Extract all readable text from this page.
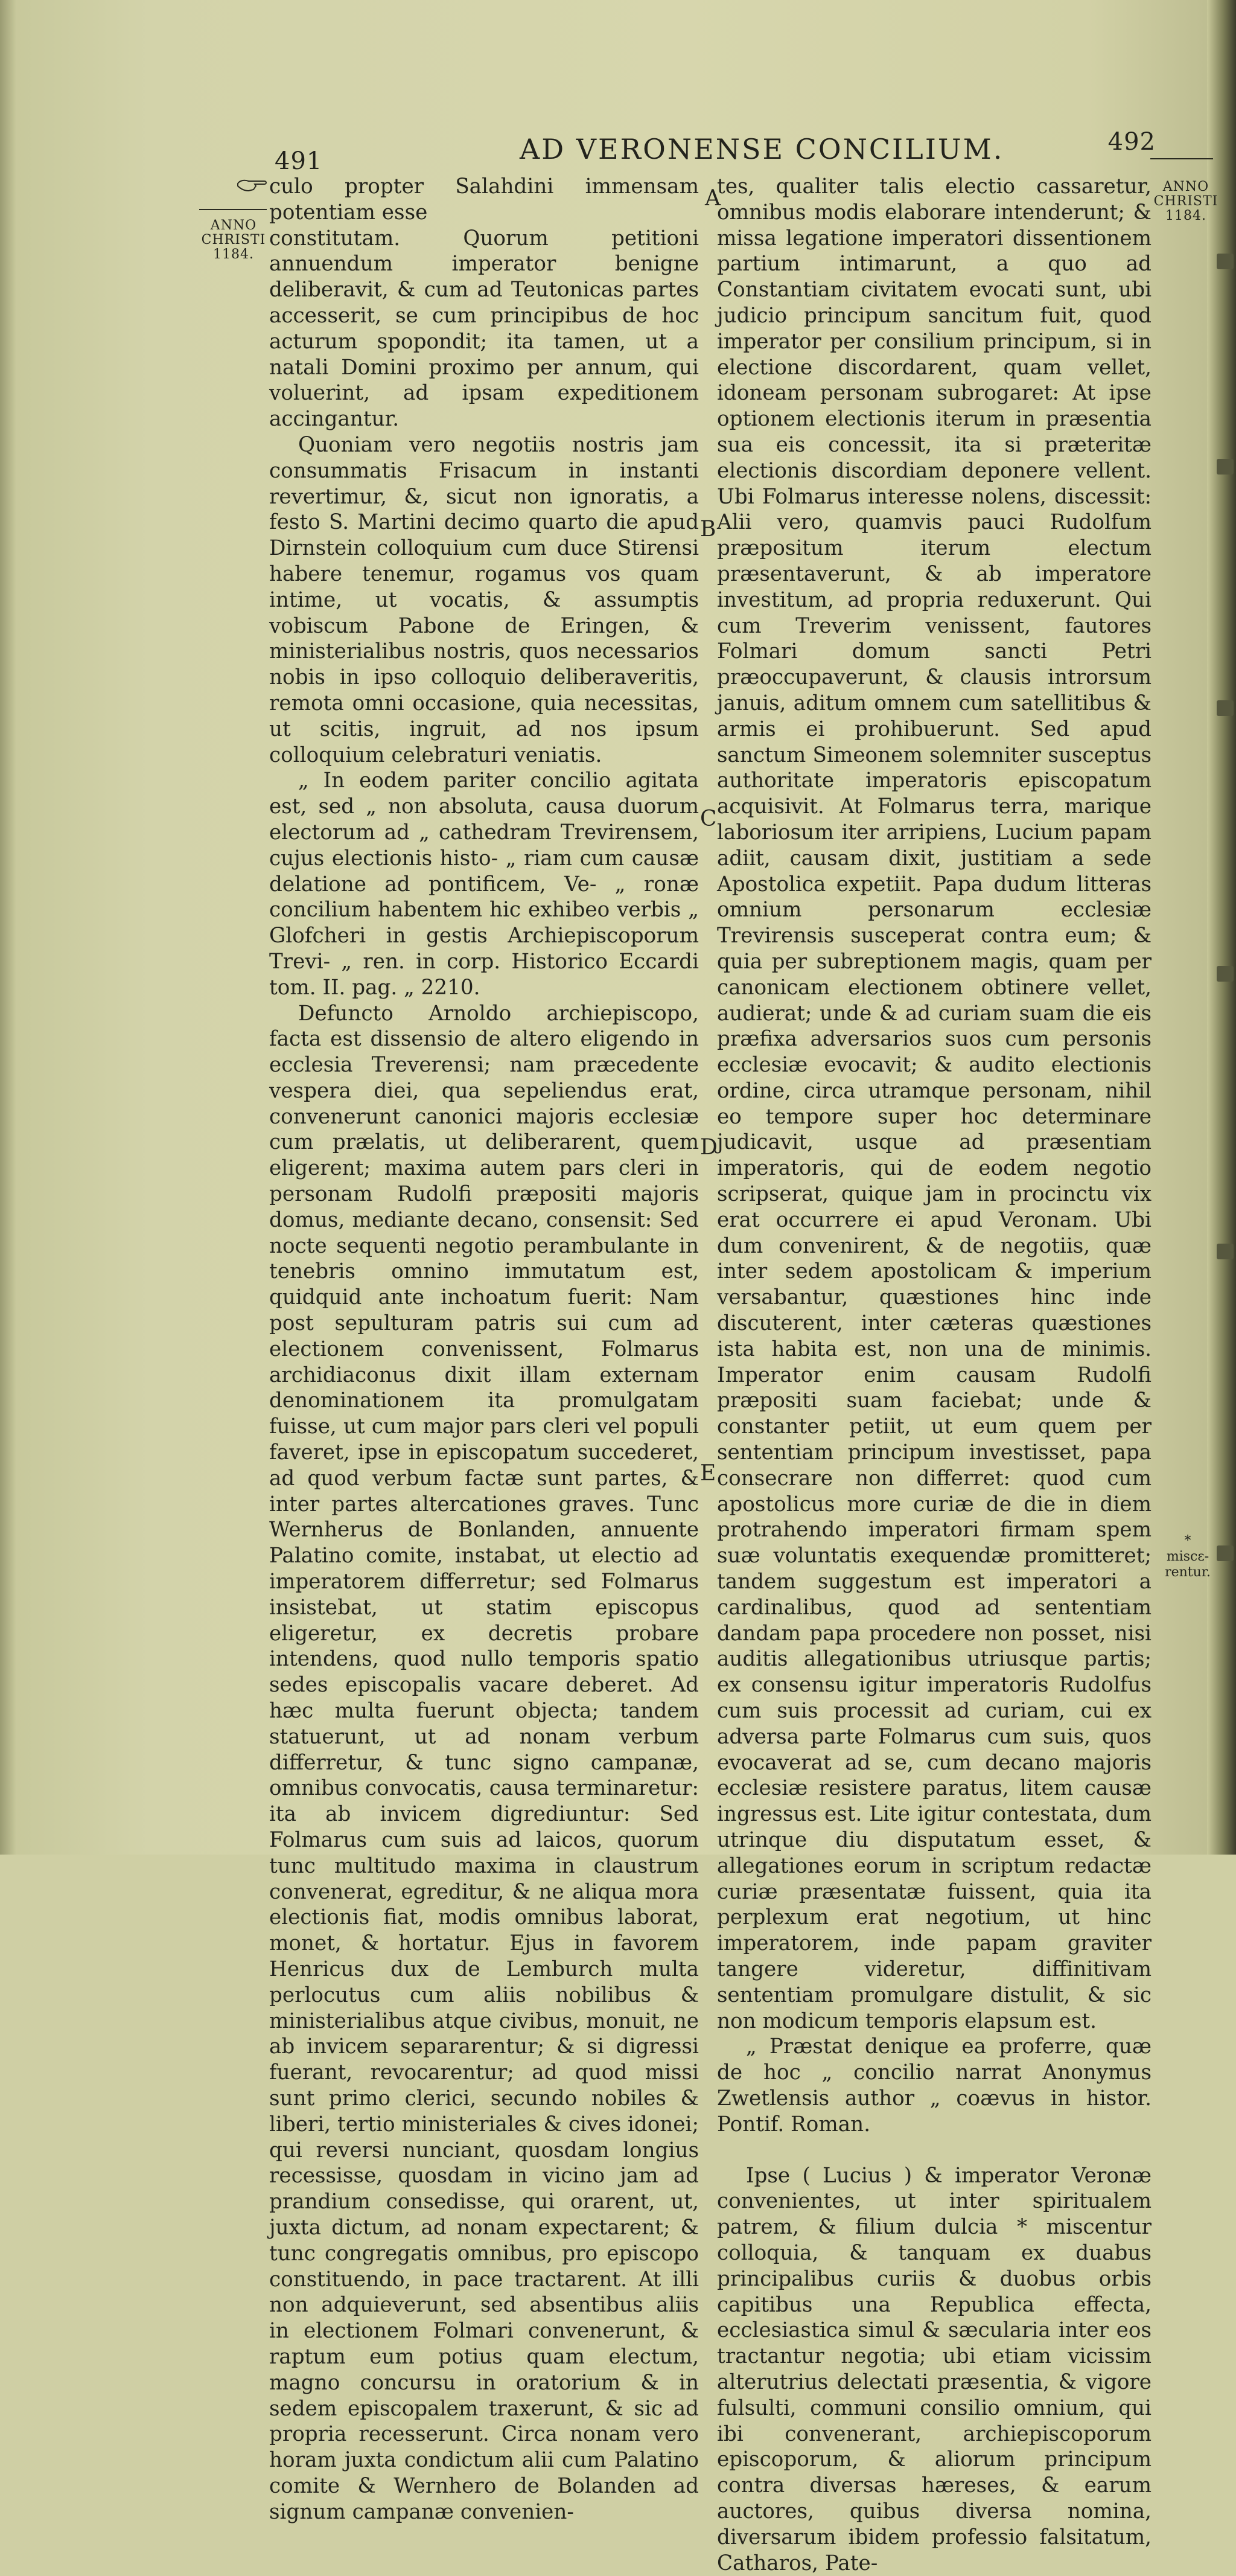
491	AD VERONENSE CONCILIUM.	492
ANNO
CHRISTI
1184.
ANNO
CHRISTI
1184.
A
B
C
D
E
* miscε-
rentur.

culo propter Salahdini immensam potentiam esse

constitutam. Quorum petitioni annuendum imperator benigne deliberavit, & cum ad Teutonicas partes accesserit, se cum principibus de hoc acturum spopondit; ita tamen, ut a natali Domini proximo per annum, qui voluerint, ad ipsam expeditionem accingantur.

Quoniam vero negotiis nostris jam consummatis Frisacum in instanti revertimur, &, sicut non ignoratis, a festo S. Martini decimo quarto die apud Dirnstein colloquium cum duce Stirensi habere tenemur, rogamus vos quam intime, ut vocatis, & assumptis vobiscum Pabone de Eringen, & ministerialibus nostris, quos necessarios nobis in ipso colloquio deliberaveritis, remota omni occasione, quia necessitas, ut scitis, ingruit, ad nos ipsum colloquium celebraturi veniatis.

„ In eodem pariter concilio agitata est, sed „ non absoluta, causa duorum electorum ad „ cathedram Trevirensem, cujus electionis histo- „ riam cum causæ delatione ad pontificem, Ve- „ ronæ concilium habentem hic exhibeo verbis „ Glofcheri in gestis Archiepiscoporum Trevi- „ ren. in corp. Historico Eccardi tom. II. pag. „ 2210.

Defuncto Arnoldo archiepiscopo, facta est dissensio de altero eligendo in ecclesia Treverensi; nam præcedente vespera diei, qua sepeliendus erat, convenerunt canonici majoris ecclesiæ cum prælatis, ut deliberarent, quem eligerent; maxima autem pars cleri in personam Rudolfi præpositi majoris domus, mediante decano, consensit: Sed nocte sequenti negotio perambulante in tenebris omnino immutatum est, quidquid ante inchoatum fuerit: Nam post sepulturam patris sui cum ad electionem convenissent, Folmarus archidiaconus dixit illam externam denominationem ita promulgatam fuisse, ut cum major pars cleri vel populi faveret, ipse in episcopatum succederet, ad quod verbum factæ sunt partes, & inter partes altercationes graves. Tunc Wernherus de Bonlanden, annuente Palatino comite, instabat, ut electio ad imperatorem differretur; sed Folmarus insistebat, ut statim episcopus eligeretur, ex decretis probare intendens, quod nullo temporis spatio sedes episcopalis vacare deberet. Ad hæc multa fuerunt objecta; tandem statuerunt, ut ad nonam verbum differretur, & tunc signo campanæ, omnibus convocatis, causa terminaretur: ita ab invicem digrediuntur: Sed Folmarus cum suis ad laicos, quorum tunc multitudo maxima in claustrum convenerat, egreditur, & ne aliqua mora electionis fiat, modis omnibus laborat, monet, & hortatur. Ejus in favorem Henricus dux de Lemburch multa perlocutus cum aliis nobilibus & ministerialibus atque civibus, monuit, ne ab invicem separarentur; & si digressi fuerant, revocarentur; ad quod missi sunt primo clerici, secundo nobiles & liberi, tertio ministeriales & cives idonei; qui reversi nunciant, quosdam longius recessisse, quosdam in vicino jam ad prandium consedisse, qui orarent, ut, juxta dictum, ad nonam expectarent; & tunc congregatis omnibus, pro episcopo constituendo, in pace tractarent. At illi non adquieverunt, sed absentibus aliis in electionem Folmari convenerunt, & raptum eum potius quam electum, magno concursu in oratorium & in sedem episcopalem traxerunt, & sic ad propria recesserunt. Circa nonam vero horam juxta condictum alii cum Palatino comite & Wernhero de Bolanden ad signum campanæ convenien-

tes, qualiter talis electio cassaretur, omnibus modis elaborare intenderunt; & missa legatione imperatori dissentionem partium intimarunt, a quo ad Constantiam civitatem evocati sunt, ubi judicio principum sancitum fuit, quod imperator per consilium principum, si in electione discordarent, quam vellet, idoneam personam subrogaret: At ipse optionem electionis iterum in præsentia sua eis concessit, ita si præteritæ electionis discordiam deponere vellent. Ubi Folmarus interesse nolens, discessit: Alii vero, quamvis pauci Rudolfum præpositum iterum electum præsentaverunt, & ab imperatore investitum, ad propria reduxerunt. Qui cum Treverim venissent, fautores Folmari domum sancti Petri præoccupaverunt, & clausis introrsum januis, aditum omnem cum satellitibus & armis ei prohibuerunt. Sed apud sanctum Simeonem solemniter susceptus authoritate imperatoris episcopatum acquisivit. At Folmarus terra, marique laboriosum iter arripiens, Lucium papam adiit, causam dixit, justitiam a sede Apostolica expetiit. Papa dudum litteras omnium personarum ecclesiæ Trevirensis susceperat contra eum; & quia per subreptionem magis, quam per canonicam electionem obtinere vellet, audierat; unde & ad curiam suam die eis præfixa adversarios suos cum personis ecclesiæ evocavit; & audito electionis ordine, circa utramque personam, nihil eo tempore super hoc determinare judicavit, usque ad præsentiam imperatoris, qui de eodem negotio scripserat, quique jam in procinctu vix erat occurrere ei apud Veronam. Ubi dum convenirent, & de negotiis, quæ inter sedem apostolicam & imperium versabantur, quæstiones hinc inde discuterent, inter cæteras quæstiones ista habita est, non una de minimis. Imperator enim causam Rudolfi præpositi suam faciebat; unde & constanter petiit, ut eum quem per sententiam principum investisset, papa consecrare non differret: quod cum apostolicus more curiæ de die in diem protrahendo imperatori firmam spem suæ voluntatis exequendæ promitteret; tandem suggestum est imperatori a cardinalibus, quod ad sententiam dandam papa procedere non posset, nisi auditis allegationibus utriusque partis; ex consensu igitur imperatoris Rudolfus cum suis processit ad curiam, cui ex adversa parte Folmarus cum suis, quos evocaverat ad se, cum decano majoris ecclesiæ resistere paratus, litem causæ ingressus est. Lite igitur contestata, dum utrinque diu disputatum esset, & allegationes eorum in scriptum redactæ curiæ præsentatæ fuissent, quia ita perplexum erat negotium, ut hinc imperatorem, inde papam graviter tangere videretur, diffinitivam sententiam promulgare distulit, & sic non modicum temporis elapsum est.

„ Præstat denique ea proferre, quæ de hoc „ concilio narrat Anonymus Zwetlensis author „ coævus in histor. Pontif. Roman.

Ipse ( Lucius ) & imperator Veronæ convenientes, ut inter spiritualem patrem, & filium dulcia * miscentur colloquia, & tanquam ex duabus principalibus curiis & duobus orbis capitibus una Republica effecta, ecclesiastica simul & sæcularia inter eos tractantur negotia; ubi etiam vicissim alterutrius delectati præsentia, & vigore fulsulti, communi consilio omnium, qui ibi convenerant, archiepiscoporum episcoporum, & aliorum principum contra diversas hæreses, & earum auctores, quibus diversa nomina, diversarum ibidem professio falsitatum, Catharos, Pate-
